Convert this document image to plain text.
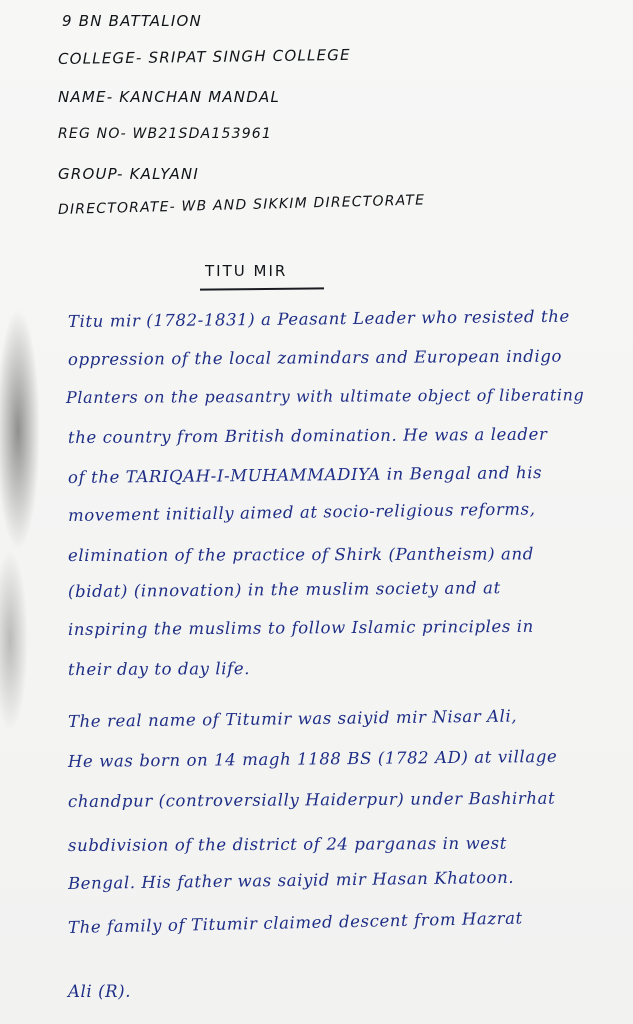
9 BN BATTALION
COLLEGE- SRIPAT SINGH COLLEGE
NAME- KANCHAN MANDAL
REG NO- WB21SDA153961
GROUP- KALYANI
DIRECTORATE- WB AND SIKKIM DIRECTORATE
TITU MIR
Titu mir (1782-1831) a Peasant Leader who resisted the
oppression of the local zamindars and European indigo
Planters on the peasantry with ultimate object of liberating
the country from British domination. He was a leader
of the TARIQAH-I-MUHAMMADIYA in Bengal and his
movement initially aimed at socio-religious reforms,
elimination of the practice of Shirk (Pantheism) and
(bidat) (innovation) in the muslim society and at
inspiring the muslims to follow Islamic principles in
their day to day life.
The real name of Titumir was saiyid mir Nisar Ali,
He was born on 14 magh 1188 BS (1782 AD) at village
chandpur (controversially Haiderpur) under Bashirhat
subdivision of the district of 24 parganas in west
Bengal. His father was saiyid mir Hasan Khatoon.
The family of Titumir claimed descent from Hazrat
Ali (R).
